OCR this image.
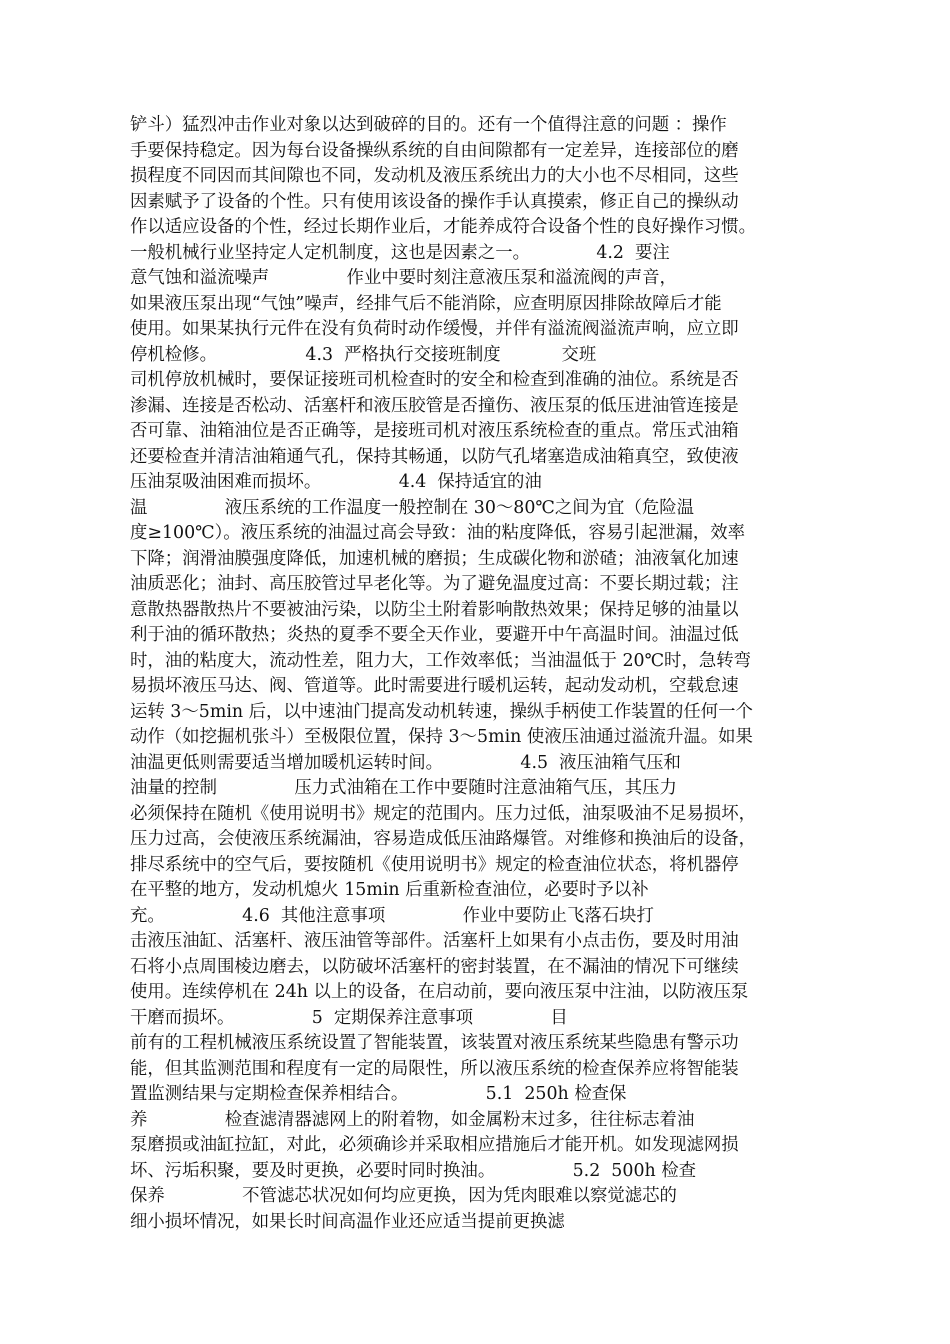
铲斗）猛烈冲击作业对象以达到破碎的目的。还有一个值得注意的问题 ：操作
手要保持稳定。因为每台设备操纵系统的自由间隙都有一定差异，连接部位的磨
损程度不同因而其间隙也不同，发动机及液压系统出力的大小也不尽相同，这些
因素赋予了设备的个性。只有使用该设备的操作手认真摸索，修正自己的操纵动
作以适应设备的个性，经过长期作业后，才能养成符合设备个性的良好操作习惯。
一般机械行业坚持定人定机制度，这也是因素之一。            4.2  要注
意气蚀和溢流噪声              作业中要时刻注意液压泵和溢流阀的声音，
如果液压泵出现“气蚀”噪声，经排气后不能消除，应查明原因排除故障后才能
使用。如果某执行元件在没有负荷时动作缓慢，并伴有溢流阀溢流声响，应立即
停机检修。                4.3  严格执行交接班制度           交班
司机停放机械时，要保证接班司机检查时的安全和检查到准确的油位。系统是否
渗漏、连接是否松动、活塞杆和液压胶管是否撞伤、液压泵的低压进油管连接是
否可靠、油箱油位是否正确等，是接班司机对液压系统检查的重点。常压式油箱
还要检查并清洁油箱通气孔，保持其畅通，以防气孔堵塞造成油箱真空，致使液
压油泵吸油困难而损坏。              4.4  保持适宜的油
温              液压系统的工作温度一般控制在 30～80℃之间为宜（危险温
度≥100℃）。液压系统的油温过高会导致：油的粘度降低，容易引起泄漏，效率
下降；润滑油膜强度降低，加速机械的磨损；生成碳化物和淤碴；油液氧化加速
油质恶化；油封、高压胶管过早老化等。为了避免温度过高：不要长期过载；注
意散热器散热片不要被油污染，以防尘土附着影响散热效果；保持足够的油量以
利于油的循环散热；炎热的夏季不要全天作业，要避开中午高温时间。油温过低
时，油的粘度大，流动性差，阻力大，工作效率低；当油温低于 20℃时，急转弯
易损坏液压马达、阀、管道等。此时需要进行暖机运转，起动发动机，空载怠速
运转 3～5min 后，以中速油门提高发动机转速，操纵手柄使工作装置的任何一个
动作（如挖掘机张斗）至极限位置，保持 3～5min 使液压油通过溢流升温。如果
油温更低则需要适当增加暖机运转时间。              4.5  液压油箱气压和
油量的控制              压力式油箱在工作中要随时注意油箱气压，其压力
必须保持在随机《使用说明书》规定的范围内。压力过低，油泵吸油不足易损坏，
压力过高，会使液压系统漏油，容易造成低压油路爆管。对维修和换油后的设备，
排尽系统中的空气后，要按随机《使用说明书》规定的检查油位状态，将机器停
在平整的地方，发动机熄火 15min 后重新检查油位，必要时予以补
充。              4.6  其他注意事项              作业中要防止飞落石块打
击液压油缸、活塞杆、液压油管等部件。活塞杆上如果有小点击伤，要及时用油
石将小点周围棱边磨去，以防破坏活塞杆的密封装置，在不漏油的情况下可继续
使用。连续停机在 24h 以上的设备，在启动前，要向液压泵中注油，以防液压泵
干磨而损坏。              5  定期保养注意事项              目
前有的工程机械液压系统设置了智能装置，该装置对液压系统某些隐患有警示功
能，但其监测范围和程度有一定的局限性，所以液压系统的检查保养应将智能装
置监测结果与定期检查保养相结合。              5.1  250h 检查保
养              检查滤清器滤网上的附着物，如金属粉末过多，往往标志着油
泵磨损或油缸拉缸，对此，必须确诊并采取相应措施后才能开机。如发现滤网损
坏、污垢积聚，要及时更换，必要时同时换油。              5.2  500h 检查
保养              不管滤芯状况如何均应更换，因为凭肉眼难以察觉滤芯的
细小损坏情况，如果长时间高温作业还应适当提前更换滤
